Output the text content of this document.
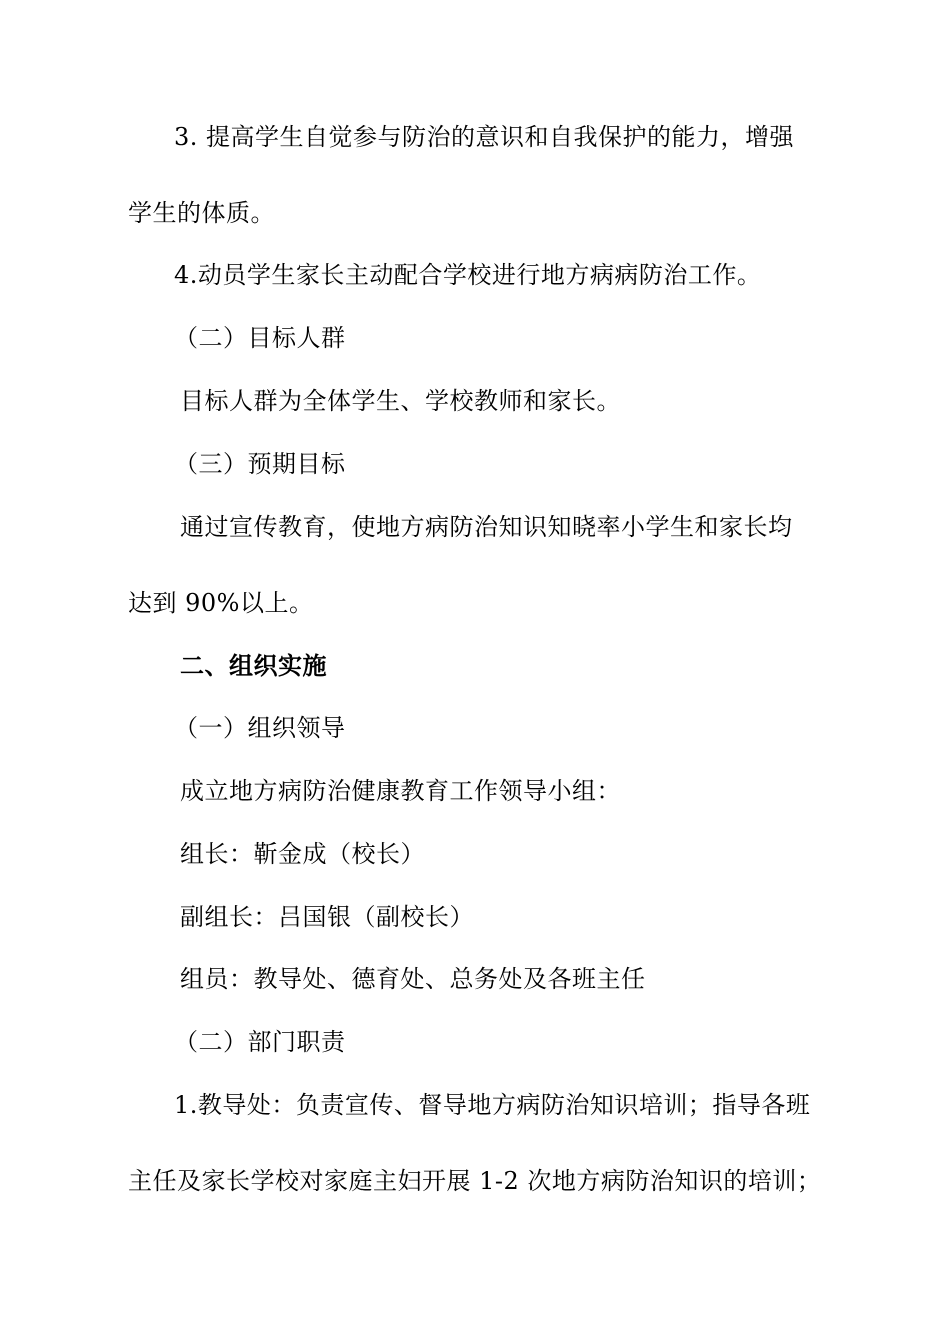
3. 提高学生自觉参与防治的意识和自我保护的能力，增强
学生的体质。
4.动员学生家长主动配合学校进行地方病病防治工作。
（二）目标人群
目标人群为全体学生、学校教师和家长。
（三）预期目标
通过宣传教育，使地方病防治知识知晓率小学生和家长均
达到 90%以上。
二、组织实施
（一）组织领导
成立地方病防治健康教育工作领导小组：
组长：靳金成（校长）
副组长：吕国银（副校长）
组员：教导处、德育处、总务处及各班主任
（二）部门职责
1.教导处：负责宣传、督导地方病防治知识培训；指导各班
主任及家长学校对家庭主妇开展 1-2 次地方病防治知识的培训；
